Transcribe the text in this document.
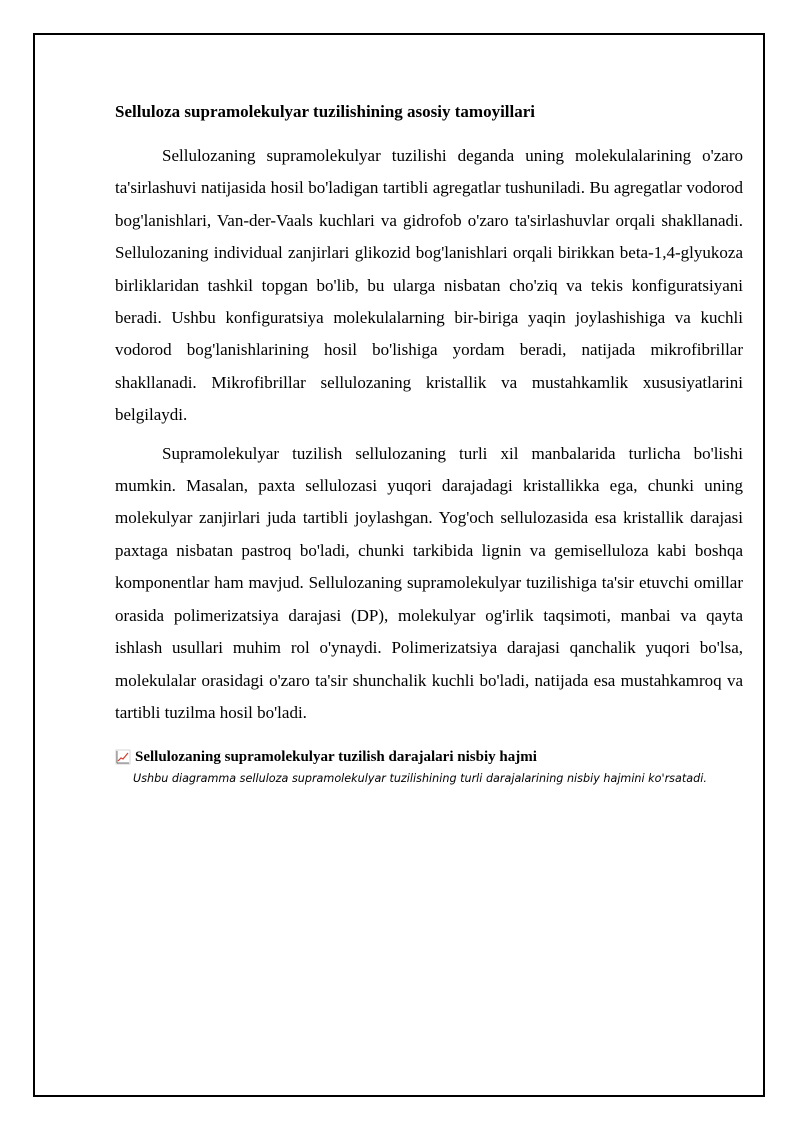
Selluloza supramolekulyar tuzilishining asosiy tamoyillari

Sellulozaning supramolekulyar tuzilishi deganda uning molekulalarining o'zaro ta'sirlashuvi natijasida hosil bo'ladigan tartibli agregatlar tushuniladi. Bu agregatlar vodorod bog'lanishlari, Van-der-Vaals kuchlari va gidrofob o'zaro ta'sirlashuvlar orqali shakllanadi. Sellulozaning individual zanjirlari glikozid bog'lanishlari orqali birikkan beta-1,4-glyukoza birliklaridan tashkil topgan bo'lib, bu ularga nisbatan cho'ziq va tekis konfiguratsiyani beradi. Ushbu konfiguratsiya molekulalarning bir-biriga yaqin joylashishiga va kuchli vodorod bog'lanishlarining hosil bo'lishiga yordam beradi, natijada mikrofibrillar shakllanadi. Mikrofibrillar sellulozaning kristallik va mustahkamlik xususiyatlarini belgilaydi.

Supramolekulyar tuzilish sellulozaning turli xil manbalarida turlicha bo'lishi mumkin. Masalan, paxta sellulozasi yuqori darajadagi kristallikka ega, chunki uning molekulyar zanjirlari juda tartibli joylashgan. Yog'och sellulozasida esa kristallik darajasi paxtaga nisbatan pastroq bo'ladi, chunki tarkibida lignin va gemiselluloza kabi boshqa komponentlar ham mavjud. Sellulozaning supramolekulyar tuzilishiga ta'sir etuvchi omillar orasida polimerizatsiya darajasi (DP), molekulyar og'irlik taqsimoti, manbai va qayta ishlash usullari muhim rol o'ynaydi. Polimerizatsiya darajasi qanchalik yuqori bo'lsa, molekulalar orasidagi o'zaro ta'sir shunchalik kuchli bo'ladi, natijada esa mustahkamroq va tartibli tuzilma hosil bo'ladi.

Sellulozaning supramolekulyar tuzilish darajalari nisbiy hajmi
Ushbu diagramma selluloza supramolekulyar tuzilishining turli darajalarining nisbiy hajmini ko'rsatadi.
